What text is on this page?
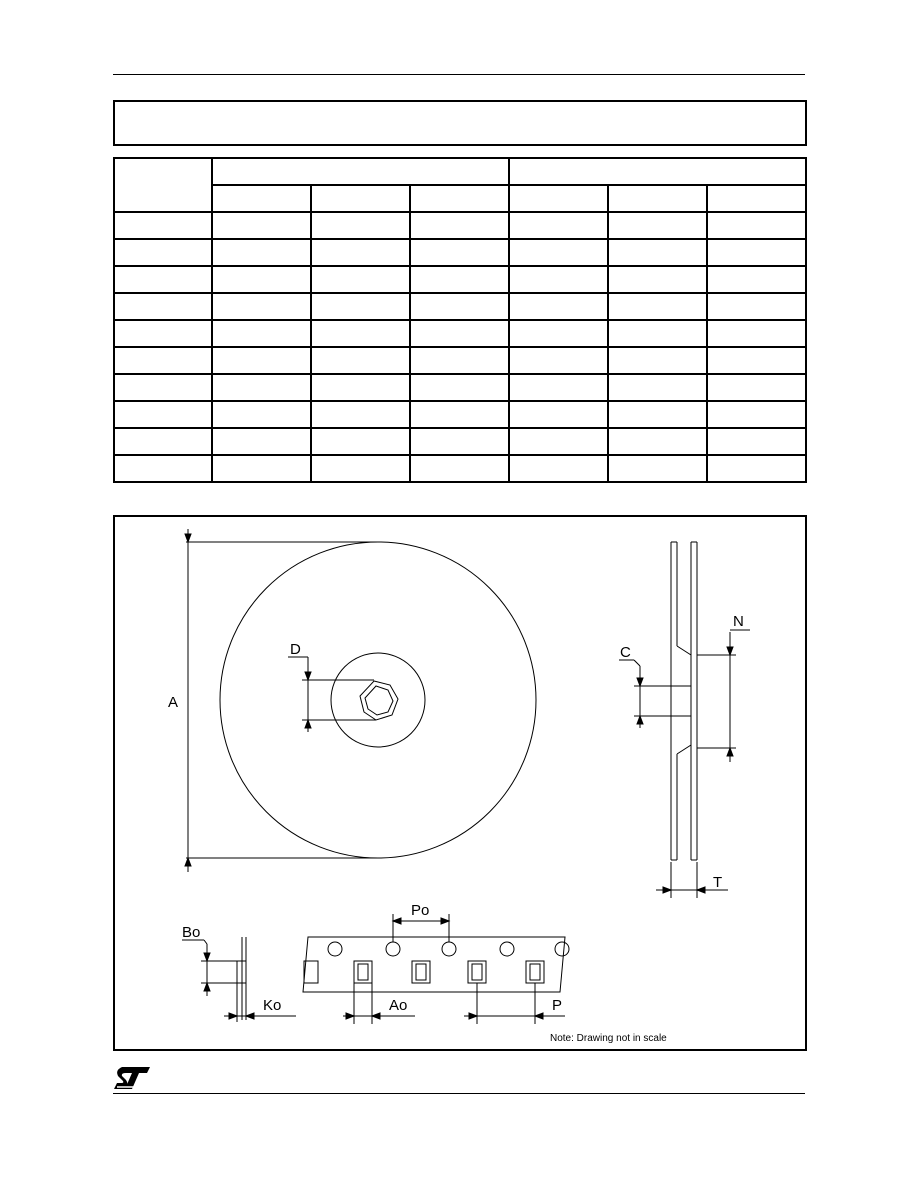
A
D	C
N
T
Bo
Ko
Po
Ao	P
Note: Drawing not in scale
